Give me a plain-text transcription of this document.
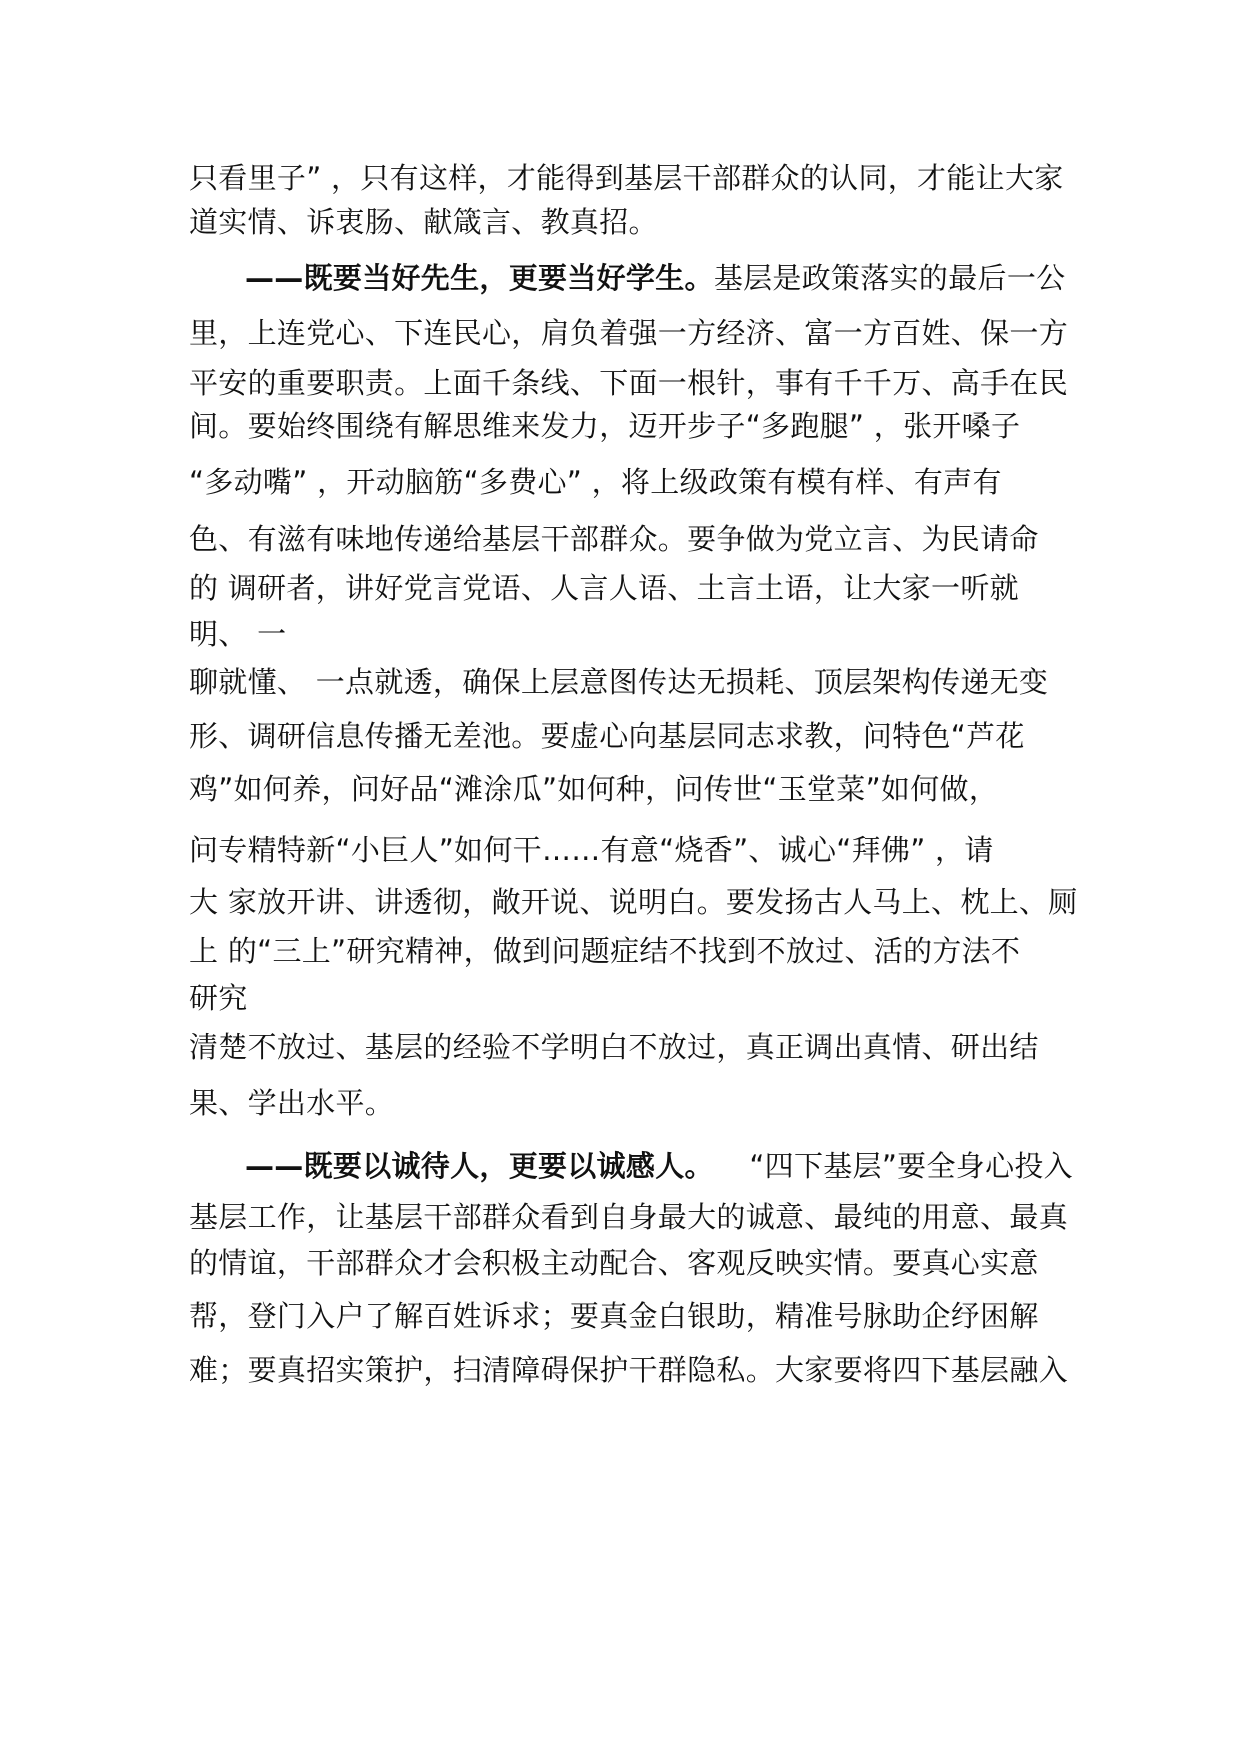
只看里子” ，只有这样，才能得到基层干部群众的认同，才能让大家
道实情、诉衷肠、献箴言、教真招。
——既要当好先生，更要当好学生。基层是政策落实的最后一公
里，上连党心、下连民心，肩负着强一方经济、富一方百姓、保一方
平安的重要职责。上面千条线、下面一根针，事有千千万、高手在民
间。要始终围绕有解思维来发力，迈开步子“多跑腿” ，张开嗓子
“多动嘴” ，开动脑筋“多费心” ，将上级政策有模有样、有声有
色、有滋有味地传递给基层干部群众。要争做为党立言、为民请命
的 调研者，讲好党言党语、人言人语、土言土语，让大家一听就
明、 一
聊就懂、 一点就透，确保上层意图传达无损耗、顶层架构传递无变
形、调研信息传播无差池。要虚心向基层同志求教，问特色“芦花
鸡”如何养，问好品“滩涂瓜”如何种，问传世“玉堂菜”如何做，
问专精特新“小巨人”如何干……有意“烧香”、诚心“拜佛” ，请
大 家放开讲、讲透彻，敞开说、说明白。要发扬古人马上、枕上、厕
上 的“三上”研究精神，做到问题症结不找到不放过、活的方法不
研究
清楚不放过、基层的经验不学明白不放过，真正调出真情、研出结
果、学出水平。
——既要以诚待人，更要以诚感人。 “四下基层”要全身心投入
基层工作，让基层干部群众看到自身最大的诚意、最纯的用意、最真
的情谊，干部群众才会积极主动配合、客观反映实情。要真心实意
帮，登门入户了解百姓诉求；要真金白银助，精准号脉助企纾困解
难；要真招实策护，扫清障碍保护干群隐私。大家要将四下基层融入
